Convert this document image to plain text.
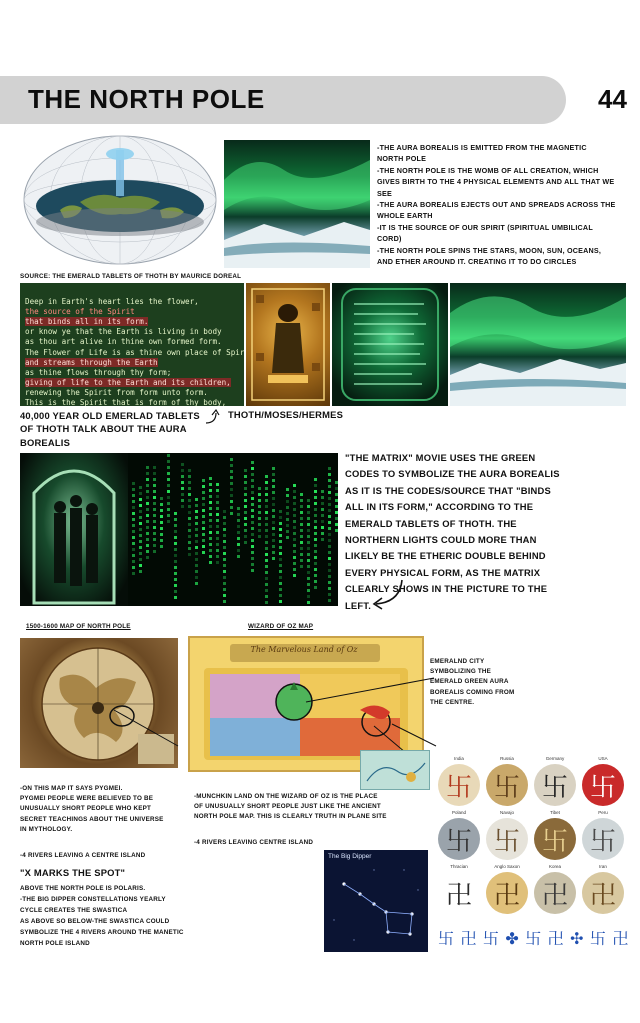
THE NORTH POLE	44
-THE AURA BOREALIS IS EMITTED FROM THE MAGNETIC
NORTH POLE
-THE NORTH POLE IS THE WOMB OF ALL CREATION, WHICH
GIVES BIRTH TO THE 4 PHYSICAL ELEMENTS AND ALL THAT WE
SEE
-THE AURA BOREALIS EJECTS OUT AND SPREADS ACROSS THE
WHOLE EARTH
-IT IS THE SOURCE OF OUR SPIRIT (SPIRITUAL UMBILICAL
CORD)
-THE NORTH POLE SPINS THE STARS, MOON, SUN, OCEANS,
AND ETHER AROUND IT. CREATING IT TO DO CIRCLES
SOURCE: THE EMERALD TABLETS OF THOTH BY MAURICE DOREAL

Deep in Earth's heart lies the flower,
the source of the Spirit
that binds all in its form.
or know ye that the Earth is living in body
as thou art alive in thine own formed form.
The Flower of Life is as thine own place of Spir
and streams through the Earth
as thine flows through thy form;
giving of life to the Earth and its children,
renewing the Spirit from form unto form.
This is the Spirit that is form of thy body,

40,000 YEAR OLD EMERLAD TABLETS
OF THOTH TALK ABOUT THE AURA
BOREALIS
THOTH/MOSES/HERMES
"THE MATRIX" MOVIE USES THE GREEN
CODES TO SYMBOLIZE THE AURA BOREALIS
AS IT IS THE CODES/SOURCE THAT "BINDS
ALL IN ITS FORM," ACCORDING TO THE
EMERALD TABLETS OF THOTH. THE
NORTHERN LIGHTS COULD MORE THAN
LIKELY BE THE ETHERIC DOUBLE BEHIND
EVERY PHYSICAL FORM, AS THE MATRIX
CLEARLY SHOWS IN THE PICTURE TO THE
LEFT.
1500-1600 MAP OF NORTH POLE	WIZARD OF OZ MAP
The Marvelous Land of Oz
EMERALND CITY
SYMBOLIZING THE
EMERALD GREEN AURA
BOREALIS COMING FROM
THE CENTRE.
-ON THIS MAP IT SAYS PYGMEI.
PYGMEI PEOPLE WERE BELIEVED TO BE
UNUSUALLY SHORT PEOPLE WHO KEPT
SECRET TEACHINGS ABOUT THE UNIVERSE
IN MYTHOLOGY.
-MUNCHKIN LAND ON THE WIZARD OF OZ IS THE PLACE
OF UNUSUALLY SHORT PEOPLE JUST LIKE THE ANCIENT
NORTH POLE MAP. THIS IS CLEARLY TRUTH IN PLANE SITE
-4 RIVERS LEAVING CENTRE ISLAND
-4 RIVERS LEAVING A CENTRE ISLAND
"X MARKS THE SPOT"
ABOVE THE NORTH POLE IS POLARIS.
-THE BIG DIPPER CONSTELLATIONS YEARLY
CYCLE CREATES THE SWASTICA
AS ABOVE SO BELOW-THE SWASTICA COULD
SYMBOLIZE THE 4 RIVERS AROUND THE MANETIC
NORTH POLE ISLAND
The Big Dipper
India	Russia	Germany	USA
卐 卐 卐 卐
Poland	Navajo	Tibet	Peru
卐 卐 卐 卐
Thracian	Anglo Saxon	Korea	Iran
卍 卍 卍 卍
卐 卍 卐 ✤ 卐 卍 ✣ 卐 卍
